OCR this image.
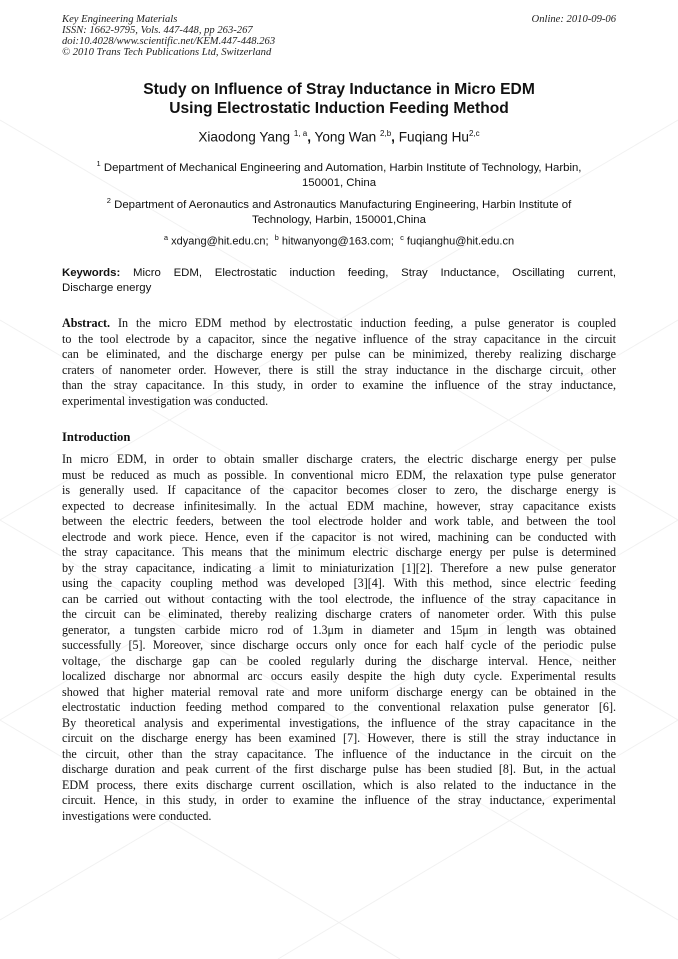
Key Engineering Materials
ISSN: 1662-9795, Vols. 447-448, pp 263-267
doi:10.4028/www.scientific.net/KEM.447-448.263
© 2010 Trans Tech Publications Ltd, Switzerland
Online: 2010-09-06
Study on Influence of Stray Inductance in Micro EDM
Using Electrostatic Induction Feeding Method
Xiaodong Yang $^{1, a}$, Yong Wan $^{2,b}$, Fuqiang Hu$^{2,c}$
$^1$ Department of Mechanical Engineering and Automation, Harbin Institute of Technology, Harbin,
150001, China
$^2$ Department of Aeronautics and Astronautics Manufacturing Engineering, Harbin Institute of
Technology, Harbin, 150001,China
$^a$ xdyang@hit.edu.cn; $^b$ hitwanyong@163.com; $^c$ fuqianghu@hit.edu.cn
Keywords: Micro EDM, Electrostatic induction feeding, Stray Inductance, Oscillating current,
Discharge energy
Abstract. In the micro EDM method by electrostatic induction feeding, a pulse generator is coupled
to the tool electrode by a capacitor, since the negative influence of the stray capacitance in the circuit
can be eliminated, and the discharge energy per pulse can be minimized, thereby realizing discharge
craters of nanometer order. However, there is still the stray inductance in the discharge circuit, other
than the stray capacitance. In this study, in order to examine the influence of the stray inductance,
experimental investigation was conducted.
Introduction
In micro EDM, in order to obtain smaller discharge craters, the electric discharge energy per pulse
must be reduced as much as possible. In conventional micro EDM, the relaxation type pulse generator
is generally used. If capacitance of the capacitor becomes closer to zero, the discharge energy is
expected to decrease infinitesimally. In the actual EDM machine, however, stray capacitance exists
between the electric feeders, between the tool electrode holder and work table, and between the tool
electrode and work piece. Hence, even if the capacitor is not wired, machining can be conducted with
the stray capacitance. This means that the minimum electric discharge energy per pulse is determined
by the stray capacitance, indicating a limit to miniaturization [1][2]. Therefore a new pulse generator
using the capacity coupling method was developed [3][4]. With this method, since electric feeding
can be carried out without contacting with the tool electrode, the influence of the stray capacitance in
the circuit can be eliminated, thereby realizing discharge craters of nanometer order. With this pulse
generator, a tungsten carbide micro rod of 1.3μm in diameter and 15μm in length was obtained
successfully [5]. Moreover, since discharge occurs only once for each half cycle of the periodic pulse
voltage, the discharge gap can be cooled regularly during the discharge interval. Hence, neither
localized discharge nor abnormal arc occurs easily despite the high duty cycle. Experimental results
showed that higher material removal rate and more uniform discharge energy can be obtained in the
electrostatic induction feeding method compared to the conventional relaxation pulse generator [6].
By theoretical analysis and experimental investigations, the influence of the stray capacitance in the
circuit on the discharge energy has been examined [7]. However, there is still the stray inductance in
the circuit, other than the stray capacitance. The influence of the inductance in the circuit on the
discharge duration and peak current of the first discharge pulse has been studied [8]. But, in the actual
EDM process, there exits discharge current oscillation, which is also related to the inductance in the
circuit. Hence, in this study, in order to examine the influence of the stray inductance, experimental
investigations were conducted.
